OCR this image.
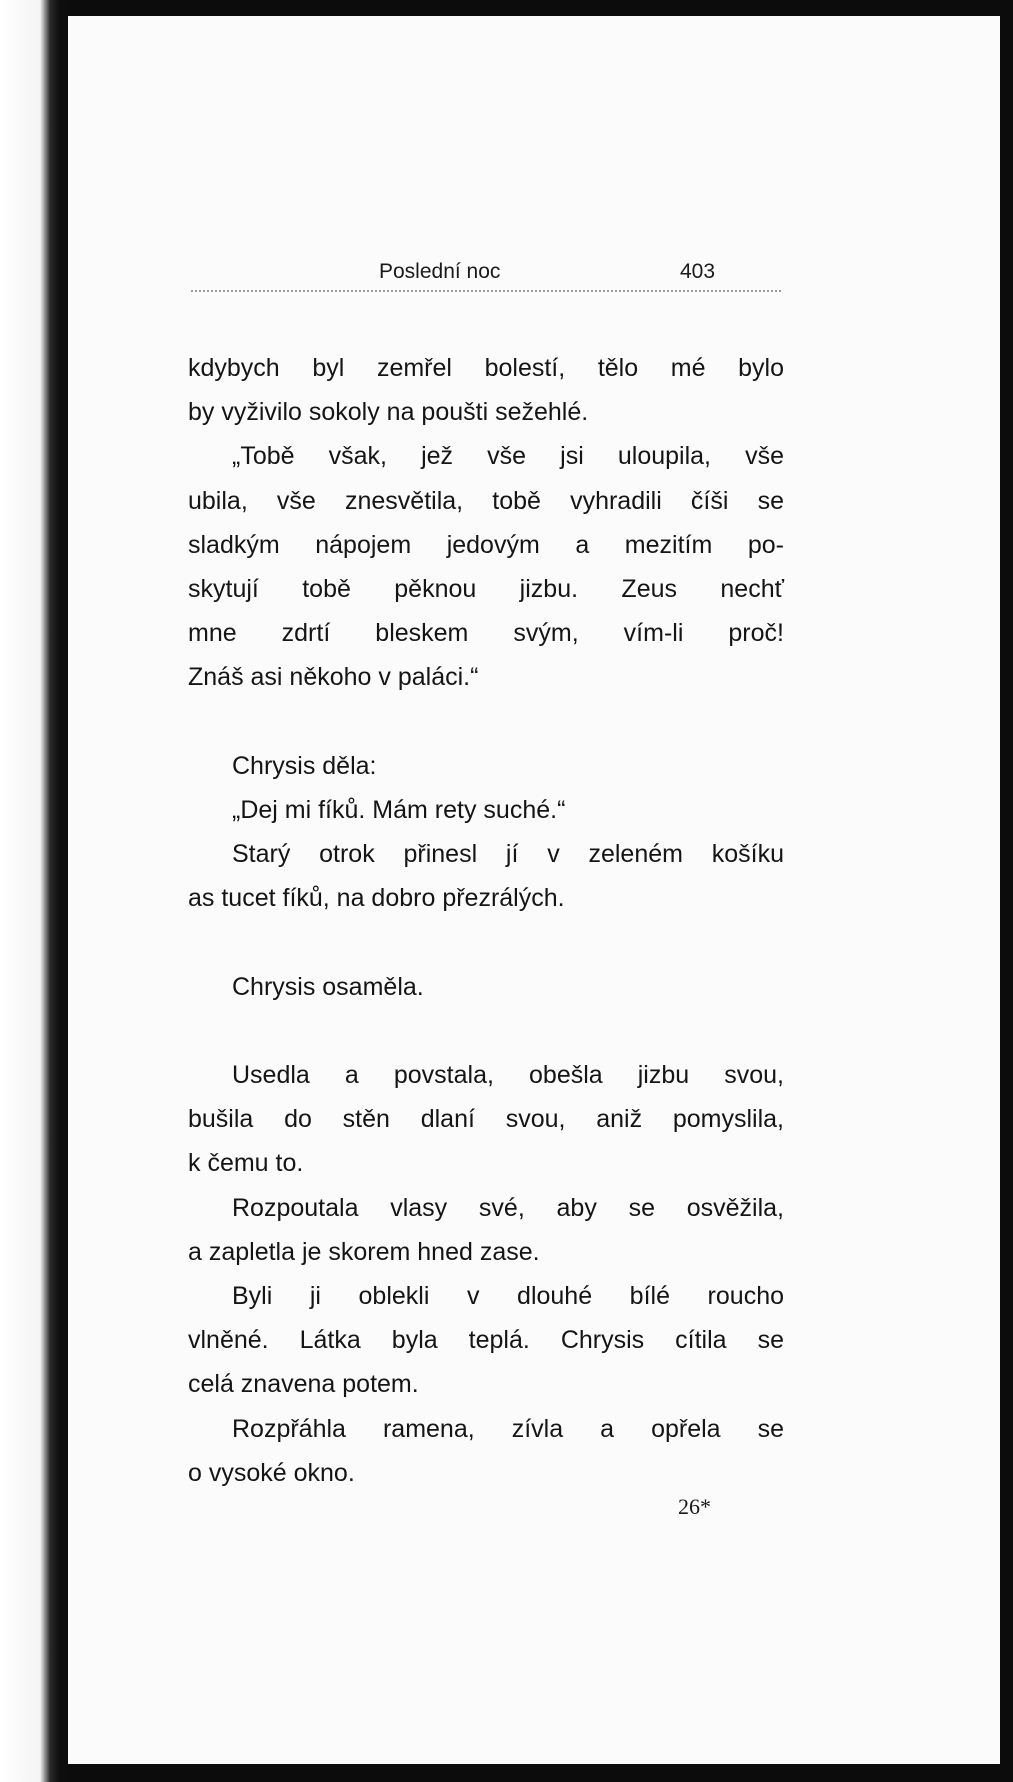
Poslední noc	403
kdybych byl zemřel bolestí, tělo mé bylo
by vyživilo sokoly na poušti sežehlé.
„Tobě však, jež vše jsi uloupila, vše
ubila, vše znesvětila, tobě vyhradili číši se
sladkým nápojem jedovým a mezitím po-
skytují tobě pěknou jizbu. Zeus nechť
mne zdrtí bleskem svým, vím-li proč!
Znáš asi někoho v paláci.“
Chrysis děla:
„Dej mi fíků. Mám rety suché.“
Starý otrok přinesl jí v zeleném košíku
as tucet fíků, na dobro přezrálých.
Chrysis osaměla.
Usedla a povstala, obešla jizbu svou,
bušila do stěn dlaní svou, aniž pomyslila,
k čemu to.
Rozpoutala vlasy své, aby se osvěžila,
a zapletla je skorem hned zase.
Byli ji oblekli v dlouhé bílé roucho
vlněné. Látka byla teplá. Chrysis cítila se
celá znavena potem.
Rozpřáhla ramena, zívla a opřela se
o vysoké okno.
26*
